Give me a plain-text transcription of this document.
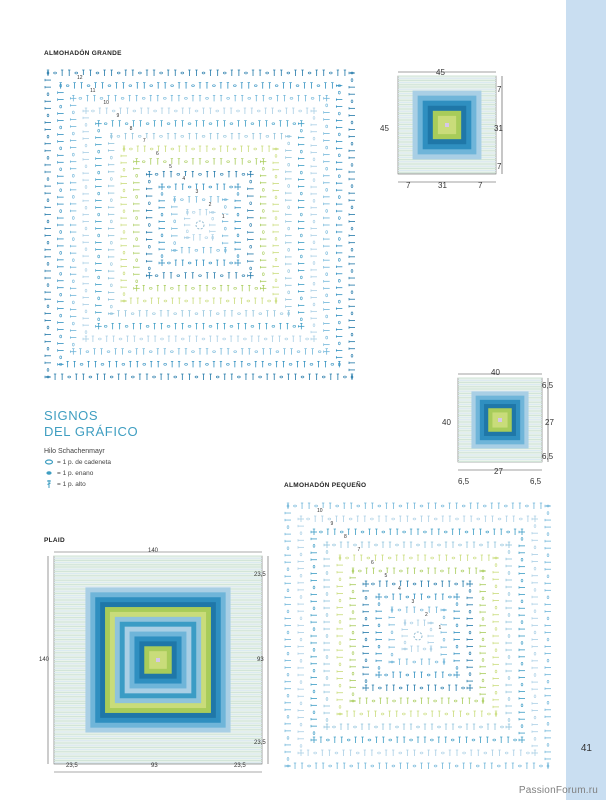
ALMOHADÓN GRANDE
ALMOHADÓN PEQUEÑO
PLAID
12
11
10
9
8
7
6
5
4
3
2
1
10
9
8
7
6
5
4
3
2
1
45
45
7
31
7
7	31	7
40
40
6,5
27
6,5
6,5
27
6,5
140
140
23,5
93
23,5
23,5	93	23,5
SIGNOS
DEL GRÁFICO
Hilo Schachenmayr
= 1 p. de cadeneta
= 1 p. enano
= 1 p. alto
41
PassionForum.ru
